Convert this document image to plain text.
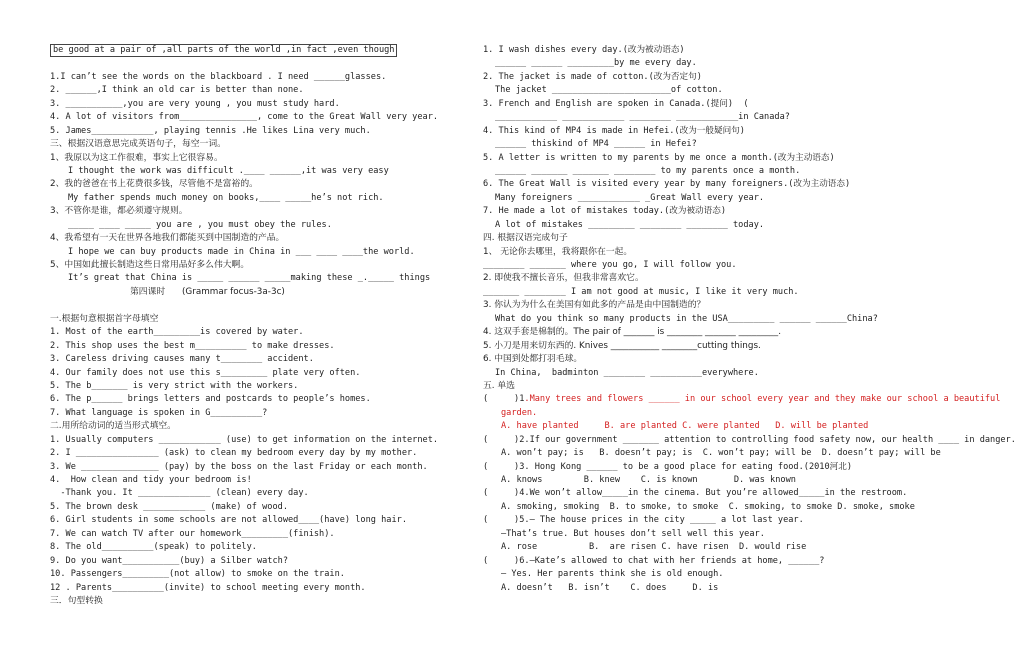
be good at a pair of ,all parts of the world ,in fact ,even though
1.I can’t see the words on the blackboard . I need ______glasses.
2. ______,I think an old car is better than none.
3. ___________,you are very young , you must study hard.
4. A lot of visitors from_______________, come to the Great Wall very year.
5. James____________, playing tennis .He likes Lina very much.
三、根据汉语意思完成英语句子，每空一词。
1、我原以为这工作很难，事实上它很容易。
I thought the work was difficult .____ ______,it was very easy
2、我的爸爸在书上花费很多钱，尽管他不是富裕的。
My father spends much money on books,____ _____he’s not rich.
3、不管你是谁，都必须遵守规则。
_____ ____ _____ you are , you must obey the rules.
4、我希望有一天在世界各地我们都能买到中国制造的产品。
I hope we can buy products made in China in ___ ____ ____the world.
5、中国如此擅长制造这些日常用品好多么伟大啊。
It’s great that China is _____ ______ _____making these _._____ things
第四课时      (Grammar focus-3a-3c)
一.根据句意根据首字母填空
1. Most of the earth_________is covered by water.
2. This shop uses the best m__________ to make dresses.
3. Careless driving causes many t________ accident.
4. Our family does not use this s_________ plate very often.
5. The b_______ is very strict with the workers.
6. The p______ brings letters and postcards to people’s homes.
7. What language is spoken in G__________?
二.用所给动词的适当形式填空。
1. Usually computers ____________ (use) to get information on the internet.
2. I ________________ (ask) to clean my bedroom every day by my mother.
3. We _______________ (pay) by the boss on the last Friday or each month.
4.  How clean and tidy your bedroom is!
-Thank you. It ______________ (clean) every day.
5. The brown desk ____________ (make) of wood.
6. Girl students in some schools are not allowed____(have) long hair.
7. We can watch TV after our homework_________(finish).
8. The old__________(speak) to politely.
9. Do you want___________(buy) a Silber watch?
10. Passengers_________(not allow) to smoke on the train.
12 . Parents__________(invite) to school meeting every month.
三．句型转换
1. I wash dishes every day.(改为被动语态)
______ ______ _________by me every day.
2. The jacket is made of cotton.(改为否定句)
The jacket _______________________of cotton.
3. French and English are spoken in Canada.(提问)  (
____________ ____________ ________ ____________in Canada?
4. This kind of MP4 is made in Hefei.(改为一般疑问句)
______ thiskind of MP4 ______ in Hefei?
5. A letter is written to my parents by me once a month.(改为主动语态)
______ _______ _______ ________ to my parents once a month.
6. The Great Wall is visited every year by many foreigners.(改为主动语态)
Many foreigners ____________ _Great Wall every year.
7. He made a lot of mistakes today.(改为被动语态)
A lot of mistakes _________ ________ ________ today.
四. 根据汉语完成句子
1、 无论你去哪里，我将跟你在一起。
________ _______ where you go, I will follow you.
2. 即使我不擅长音乐，但我非常喜欢它。
_______ ________ I am not good at music, I like it very much.
3. 你认为为什么在美国有如此多的产品是由中国制造的？
What do you think so many products in the USA_________ ______ ______China?
4. 这双手套是棉制的。The pair of _______ is ________ _______ _________.
5. 小刀是用来切东西的. Knives ___________ ________cutting things.
6. 中国到处都打羽毛球。
In China,  badminton ________ __________everywhere.
五. 单选
(     )1.Many trees and flowers ______ in our school every year and they make our school a beautiful
garden.
A. have planted     B. are planted C. were planted   D. will be planted
(     )2.If our government _______ attention to controlling food safety now, our health ____ in danger.
A. won’t pay; is   B. doesn’t pay; is  C. won’t pay; will be  D. doesn’t pay; will be
(     )3. Hong Kong ______ to be a good place for eating food.(2010河北)
A. knows        B. knew    C. is known       D. was known
(     )4.We won’t allow_____in the cinema. But you’re allowed_____in the restroom.
A. smoking, smoking  B. to smoke, to smoke  C. smoking, to smoke D. smoke, smoke
(     )5.— The house prices in the city _____ a lot last year.
—That’s true. But houses don’t sell well this year.
A. rose          B.  are risen C. have risen  D. would rise
(     )6.—Kate’s allowed to chat with her friends at home, ______?
— Yes. Her parents think she is old enough.
A. doesn’t   B. isn’t    C. does     D. is
